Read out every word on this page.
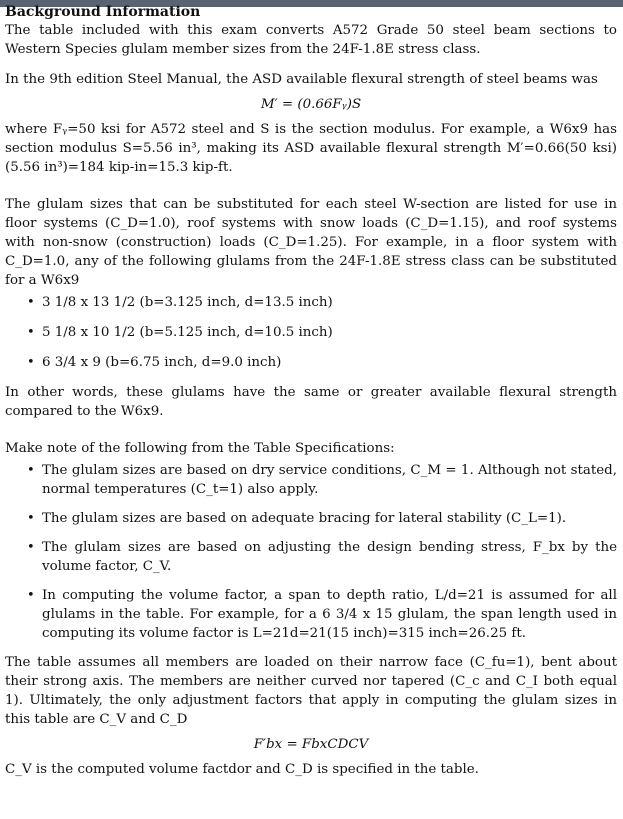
Background Information

The table included with this exam converts A572 Grade 50 steel beam sections to Western Species glulam member sizes from the 24F-1.8E stress class.

In the 9th edition Steel Manual, the ASD available flexural strength of steel beams was

M′ = (0.66Fᵧ)S

where Fᵧ=50 ksi for A572 steel and S is the section modulus. For example, a W6x9 has section modulus S=5.56 in³, making its ASD available flexural strength M′=0.66(50 ksi)(5.56 in³)=184 kip-in=15.3 kip-ft.

The glulam sizes that can be substituted for each steel W-section are listed for use in floor systems (C_D=1.0), roof systems with snow loads (C_D=1.15), and roof systems with non-snow (construction) loads (C_D=1.25). For example, in a floor system with C_D=1.0, any of the following glulams from the 24F-1.8E stress class can be substituted for a W6x9

• 3 1/8 x 13 1/2 (b=3.125 inch, d=13.5 inch)
• 5 1/8 x 10 1/2 (b=5.125 inch, d=10.5 inch)
• 6 3/4 x 9 (b=6.75 inch, d=9.0 inch)

In other words, these glulams have the same or greater available flexural strength compared to the W6x9.

Make note of the following from the Table Specifications:

• The glulam sizes are based on dry service conditions, C_M = 1. Although not stated, normal temperatures (C_t=1) also apply.
• The glulam sizes are based on adequate bracing for lateral stability (C_L=1).
• The glulam sizes are based on adjusting the design bending stress, F_bx by the volume factor, C_V.
• In computing the volume factor, a span to depth ratio, L/d=21 is assumed for all glulams in the table. For example, for a 6 3/4 x 15 glulam, the span length used in computing its volume factor is L=21d=21(15 inch)=315 inch=26.25 ft.

The table assumes all members are loaded on their narrow face (C_fu=1), bent about their strong axis. The members are neither curved nor tapered (C_c and C_I both equal 1). Ultimately, the only adjustment factors that apply in computing the glulam sizes in this table are C_V and C_D

F′bx = FbxCDCV

C_V is the computed volume factdor and C_D is specified in the table.
